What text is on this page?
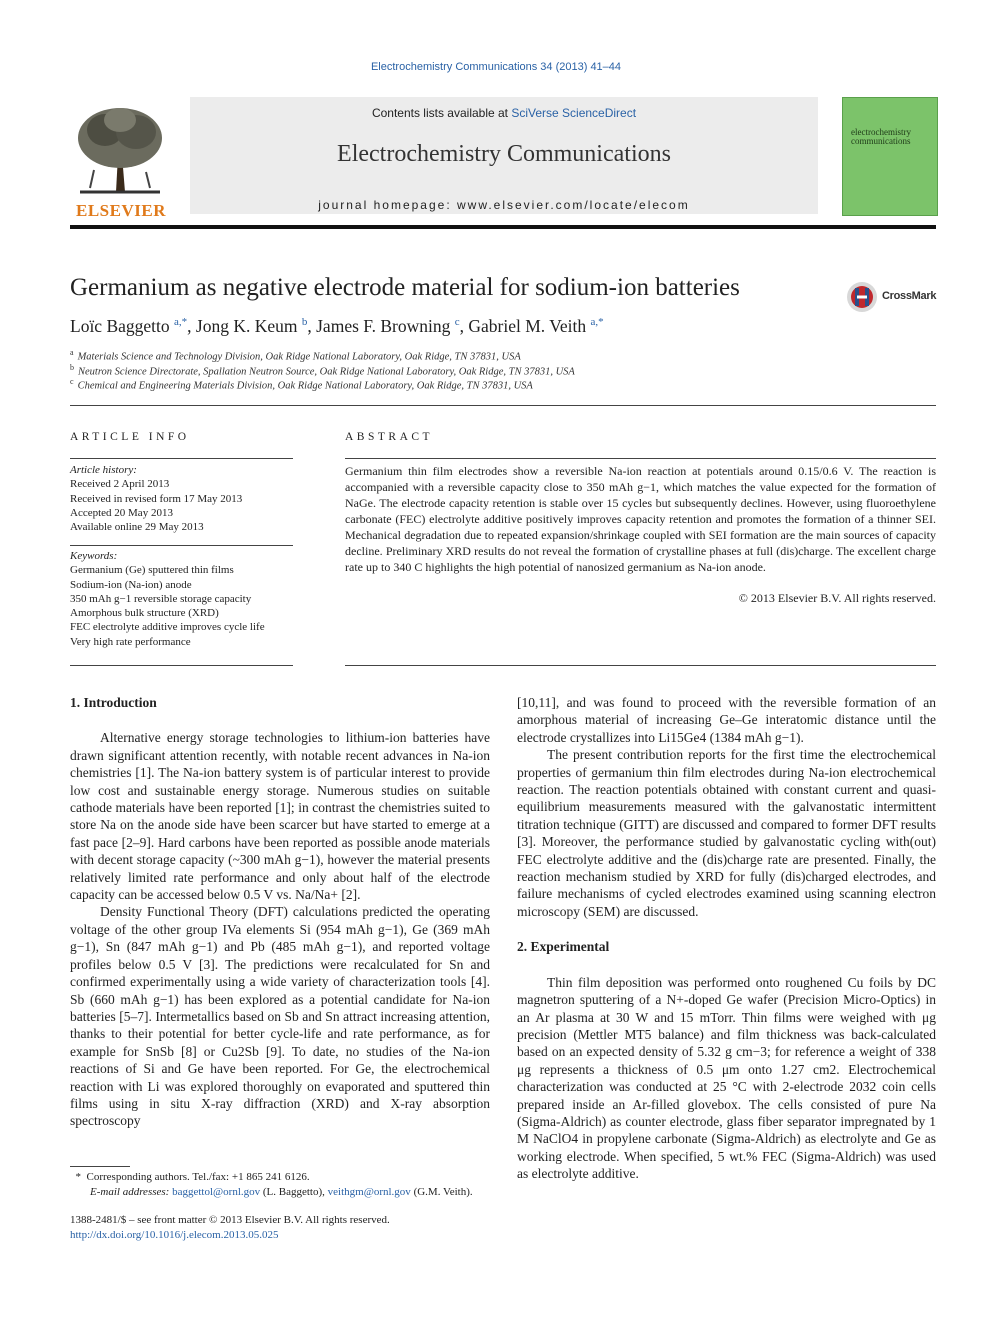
Electrochemistry Communications 34 (2013) 41–44
ELSEVIER
Contents lists available at SciVerse ScienceDirect
Electrochemistry Communications
journal homepage: www.elsevier.com/locate/elecom
electrochemistry communications
Germanium as negative electrode material for sodium-ion batteries	CrossMark
Loïc Baggetto $^{a,*}$, Jong K. Keum $^b$, James F. Browning $^c$, Gabriel M. Veith $^{a,*}$
$^a$ Materials Science and Technology Division, Oak Ridge National Laboratory, Oak Ridge, TN 37831, USA
$^b$ Neutron Science Directorate, Spallation Neutron Source, Oak Ridge National Laboratory, Oak Ridge, TN 37831, USA
$^c$ Chemical and Engineering Materials Division, Oak Ridge National Laboratory, Oak Ridge, TN 37831, USA
ARTICLE INFO	ABSTRACT
Article history:
Received 2 April 2013
Received in revised form 17 May 2013
Accepted 20 May 2013
Available online 29 May 2013
Keywords:
Germanium (Ge) sputtered thin films
Sodium-ion (Na-ion) anode
350 mAh g−1 reversible storage capacity
Amorphous bulk structure (XRD)
FEC electrolyte additive improves cycle life
Very high rate performance
Germanium thin film electrodes show a reversible Na-ion reaction at potentials around 0.15/0.6 V. The reaction is accompanied with a reversible capacity close to 350 mAh g−1, which matches the value expected for the formation of NaGe. The electrode capacity retention is stable over 15 cycles but subsequently declines. However, using fluoroethylene carbonate (FEC) electrolyte additive positively improves capacity retention and promotes the formation of a thinner SEI. Mechanical degradation due to repeated expansion/shrinkage coupled with SEI formation are the main sources of capacity decline. Preliminary XRD results do not reveal the formation of crystalline phases at full (dis)charge. The excellent charge rate up to 340 C highlights the high potential of nanosized germanium as Na-ion anode.
© 2013 Elsevier B.V. All rights reserved.
1. Introduction

Alternative energy storage technologies to lithium-ion batteries have drawn significant attention recently, with notable recent advances in Na-ion chemistries [1]. The Na-ion battery system is of particular interest to provide low cost and sustainable energy storage. Numerous studies on suitable cathode materials have been reported [1]; in contrast the chemistries suited to store Na on the anode side have been scarcer but have started to emerge at a fast pace [2–9]. Hard carbons have been reported as possible anode materials with decent storage capacity (~300 mAh g−1), however the material presents relatively limited rate performance and only about half of the electrode capacity can be accessed below 0.5 V vs. Na/Na+ [2].

Density Functional Theory (DFT) calculations predicted the operating voltage of the other group IVa elements Si (954 mAh g−1), Ge (369 mAh g−1), Sn (847 mAh g−1) and Pb (485 mAh g−1), and reported voltage profiles below 0.5 V [3]. The predictions were recalculated for Sn and confirmed experimentally using a wide variety of characterization tools [4]. Sb (660 mAh g−1) has been explored as a potential candidate for Na-ion batteries [5–7]. Intermetallics based on Sb and Sn attract increasing attention, thanks to their potential for better cycle-life and rate performance, as for example for SnSb [8] or Cu2Sb [9]. To date, no studies of the Na-ion reactions of Si and Ge have been reported. For Ge, the electrochemical reaction with Li was explored thoroughly on evaporated and sputtered thin films using in situ X-ray diffraction (XRD) and X-ray absorption spectroscopy

[10,11], and was found to proceed with the reversible formation of an amorphous material of increasing Ge–Ge interatomic distance until the electrode crystallizes into Li15Ge4 (1384 mAh g−1).

The present contribution reports for the first time the electrochemical properties of germanium thin film electrodes during Na-ion electrochemical reaction. The reaction potentials obtained with constant current and quasi-equilibrium measurements measured with the galvanostatic intermittent titration technique (GITT) are discussed and compared to former DFT results [3]. Moreover, the performance studied by galvanostatic cycling with(out) FEC electrolyte additive and the (dis)charge rate are presented. Finally, the reaction mechanism studied by XRD for fully (dis)charged electrodes, and failure mechanisms of cycled electrodes examined using scanning electron microscopy (SEM) are discussed.

2. Experimental

Thin film deposition was performed onto roughened Cu foils by DC magnetron sputtering of a N+-doped Ge wafer (Precision Micro-Optics) in an Ar plasma at 30 W and 15 mTorr. Thin films were weighed with μg precision (Mettler MT5 balance) and film thickness was back-calculated based on an expected density of 5.32 g cm−3; for reference a weight of 338 μg represents a thickness of 0.5 μm onto 1.27 cm2. Electrochemical characterization was conducted at 25 °C with 2-electrode 2032 coin cells prepared inside an Ar-filled glovebox. The cells consisted of pure Na (Sigma-Aldrich) as counter electrode, glass fiber separator impregnated by 1 M NaClO4 in propylene carbonate (Sigma-Aldrich) as electrolyte and Ge as working electrode. When specified, 5 wt.% FEC (Sigma-Aldrich) was used as electrolyte additive.

*  Corresponding authors. Tel./fax: +1 865 241 6126.
E-mail addresses: baggettol@ornl.gov (L. Baggetto), veithgm@ornl.gov (G.M. Veith).
1388-2481/$ – see front matter © 2013 Elsevier B.V. All rights reserved.
http://dx.doi.org/10.1016/j.elecom.2013.05.025
